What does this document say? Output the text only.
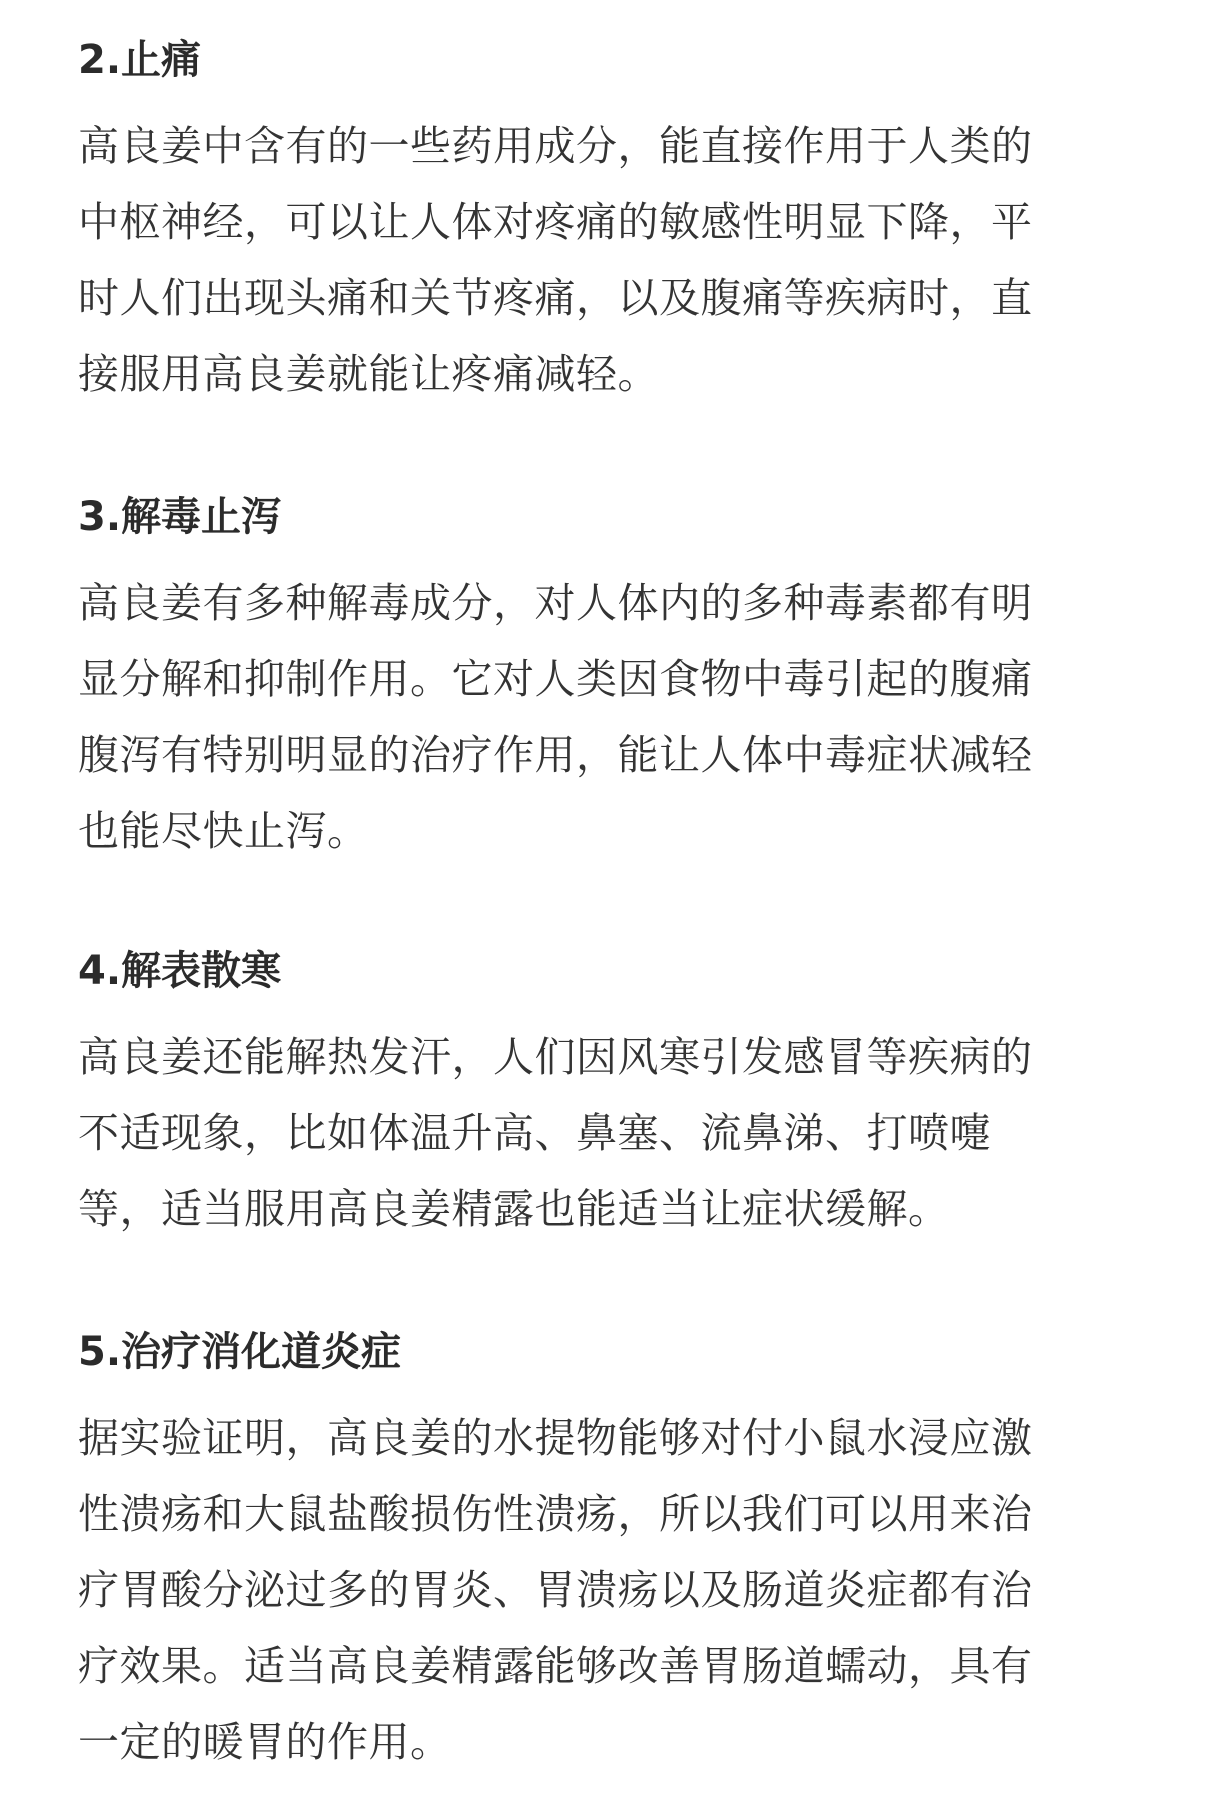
2.止痛

高良姜中含有的一些药用成分，能直接作用于人类的

中枢神经，可以让人体对疼痛的敏感性明显下降，平

时人们出现头痛和关节疼痛，以及腹痛等疾病时，直

接服用高良姜就能让疼痛减轻。

3.解毒止泻

高良姜有多种解毒成分，对人体内的多种毒素都有明

显分解和抑制作用。它对人类因食物中毒引起的腹痛

腹泻有特别明显的治疗作用，能让人体中毒症状减轻

也能尽快止泻。

4.解表散寒

高良姜还能解热发汗，人们因风寒引发感冒等疾病的

不适现象，比如体温升高、鼻塞、流鼻涕、打喷嚏

等，适当服用高良姜精露也能适当让症状缓解。

5.治疗消化道炎症

据实验证明，高良姜的水提物能够对付小鼠水浸应激

性溃疡和大鼠盐酸损伤性溃疡，所以我们可以用来治

疗胃酸分泌过多的胃炎、胃溃疡以及肠道炎症都有治

疗效果。适当高良姜精露能够改善胃肠道蠕动，具有

一定的暖胃的作用。
